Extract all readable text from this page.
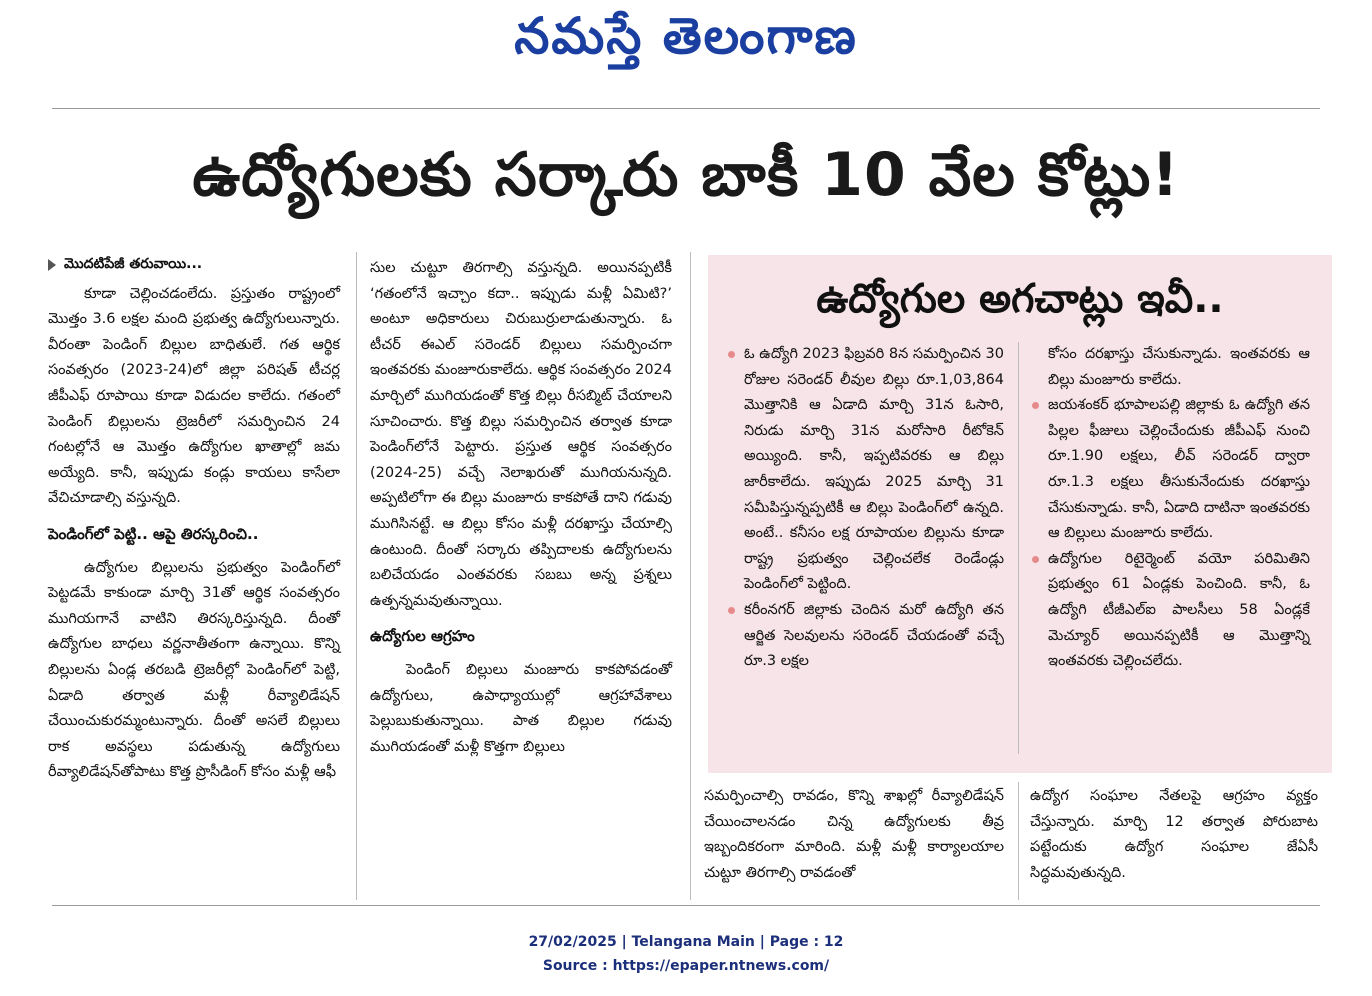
నమస్తే తెలంగాణ
ఉద్యోగులకు సర్కారు బాకీ 10 వేల కోట్లు!
మొదటిపేజీ తరువాయి...

కూడా చెల్లించడంలేదు. ప్రస్తుతం రాష్ట్రంలో మొత్తం 3.6 లక్షల మంది ప్రభుత్వ ఉద్యోగులున్నారు. వీరంతా పెండింగ్ బిల్లుల బాధితులే. గత ఆర్థిక సంవత్సరం (2023-24)లో జిల్లా పరిషత్ టీచర్ల జీపీఎఫ్ రూపాయి కూడా విడుదల కాలేదు. గతంలో పెండింగ్ బిల్లులను ట్రెజరీలో సమర్పించిన 24 గంటల్లోనే ఆ మొత్తం ఉద్యోగుల ఖాతాల్లో జమ అయ్యేది. కానీ, ఇప్పుడు కండ్లు కాయలు కాసేలా వేచిచూడాల్సి వస్తున్నది.

పెండింగ్‌లో పెట్టి.. ఆపై తిరస్కరించి..

ఉద్యోగుల బిల్లులను ప్రభుత్వం పెండింగ్‌లో పెట్టడమే కాకుండా మార్చి 31తో ఆర్థిక సంవత్సరం ముగియగానే వాటిని తిరస్కరిస్తున్నది. దీంతో ఉద్యోగుల బాధలు వర్ణనాతీతంగా ఉన్నాయి. కొన్ని బిల్లులను ఏండ్ల తరబడి ట్రెజరీల్లో పెండింగ్‌లో పెట్టి, ఏడాది తర్వాత మళ్లీ రీవ్యాలిడేషన్ చేయించుకురమ్మంటున్నారు. దీంతో అసలే బిల్లులు రాక అవస్థలు పడుతున్న ఉద్యోగులు రీవ్యాలిడేషన్‌తోపాటు కొత్త ప్రొసీడింగ్ కోసం మళ్లీ ఆఫీ

సుల చుట్టూ తిరగాల్సి వస్తున్నది. అయినప్పటికీ ‘గతంలోనే ఇచ్చాం కదా.. ఇప్పుడు మళ్లీ ఏమిటి?’ అంటూ అధికారులు చిరుబుర్రులాడుతున్నారు. ఓ టీచర్ ఈఎల్ సరెండర్ బిల్లులు సమర్పించగా ఇంతవరకు మంజూరుకాలేదు. ఆర్థిక సంవత్సరం 2024 మార్చిలో ముగియడంతో కొత్త బిల్లు రీసబ్మిట్ చేయాలని సూచించారు. కొత్త బిల్లు సమర్పించిన తర్వాత కూడా పెండింగ్‌లోనే పెట్టారు. ప్రస్తుత ఆర్థిక సంవత్సరం (2024-25) వచ్చే నెలాఖరుతో ముగియనున్నది. అప్పటిలోగా ఈ బిల్లు మంజూరు కాకపోతే దాని గడువు ముగిసినట్టే. ఆ బిల్లు కోసం మళ్లీ దరఖాస్తు చేయాల్సి ఉంటుంది. దీంతో సర్కారు తప్పిదాలకు ఉద్యోగులను బలిచేయడం ఎంతవరకు సబబు అన్న ప్రశ్నలు ఉత్పన్నమవుతున్నాయి.

ఉద్యోగుల ఆగ్రహం

పెండింగ్ బిల్లులు మంజూరు కాకపోవడంతో ఉద్యోగులు, ఉపాధ్యాయుల్లో ఆగ్రహావేశాలు పెల్లుబుకుతున్నాయి. పాత బిల్లుల గడువు ముగియడంతో మళ్లీ కొత్తగా బిల్లులు

ఉద్యోగుల అగచాట్లు ఇవీ..

ఓ ఉద్యోగి 2023 ఫిబ్రవరి 8న సమర్పించిన 30 రోజుల సరెండర్ లీవుల బిల్లు రూ.1,03,864 మొత్తానికి ఆ ఏడాది మార్చి 31న ఓసారి, నిరుడు మార్చి 31న మరోసారి రీటోకెన్ అయ్యింది. కానీ, ఇప్పటివరకు ఆ బిల్లు జారీకాలేదు. ఇప్పుడు 2025 మార్చి 31 సమీపిస్తున్నప్పటికీ ఆ బిల్లు పెండింగ్‌లో ఉన్నది. అంటే.. కనీసం లక్ష రూపాయల బిల్లును కూడా రాష్ట్ర ప్రభుత్వం చెల్లించలేక రెండేండ్లు పెండింగ్‌లో పెట్టింది.

కరీంనగర్ జిల్లాకు చెందిన మరో ఉద్యోగి తన ఆర్జిత సెలవులను సరెండర్ చేయడంతో వచ్చే రూ.3 లక్షల

కోసం దరఖాస్తు చేసుకున్నాడు. ఇంతవరకు ఆ బిల్లు మంజూరు కాలేదు.

జయశంకర్ భూపాలపల్లి జిల్లాకు ఓ ఉద్యోగి తన పిల్లల ఫీజులు చెల్లించేందుకు జీపీఎఫ్ నుంచి రూ.1.90 లక్షలు, లీవ్ సరెండర్ ద్వారా రూ.1.3 లక్షలు తీసుకునేందుకు దరఖాస్తు చేసుకున్నాడు. కానీ, ఏడాది దాటినా ఇంతవరకు ఆ బిల్లులు మంజూరు కాలేదు.

ఉద్యోగుల రిటైర్మెంట్ వయో పరిమితిని ప్రభుత్వం 61 ఏండ్లకు పెంచింది. కానీ, ఓ ఉద్యోగి టీజీఎల్ఐ పాలసీలు 58 ఏండ్లకే మెచ్యూర్ అయినప్పటికీ ఆ మొత్తాన్ని ఇంతవరకు చెల్లించలేదు.

సమర్పించాల్సి రావడం, కొన్ని శాఖల్లో రీవ్యాలిడేషన్ చేయించాలనడం చిన్న ఉద్యోగులకు తీవ్ర ఇబ్బందికరంగా మారింది. మళ్లీ మళ్లీ కార్యాలయాల చుట్టూ తిరగాల్సి రావడంతో

ఉద్యోగ సంఘాల నేతలపై ఆగ్రహం వ్యక్తం చేస్తున్నారు. మార్చి 12 తర్వాత పోరుబాట పట్టేందుకు ఉద్యోగ సంఘాల జేఏసీ సిద్ధమవుతున్నది.

27/02/2025 | Telangana Main | Page : 12
Source : https://epaper.ntnews.com/
